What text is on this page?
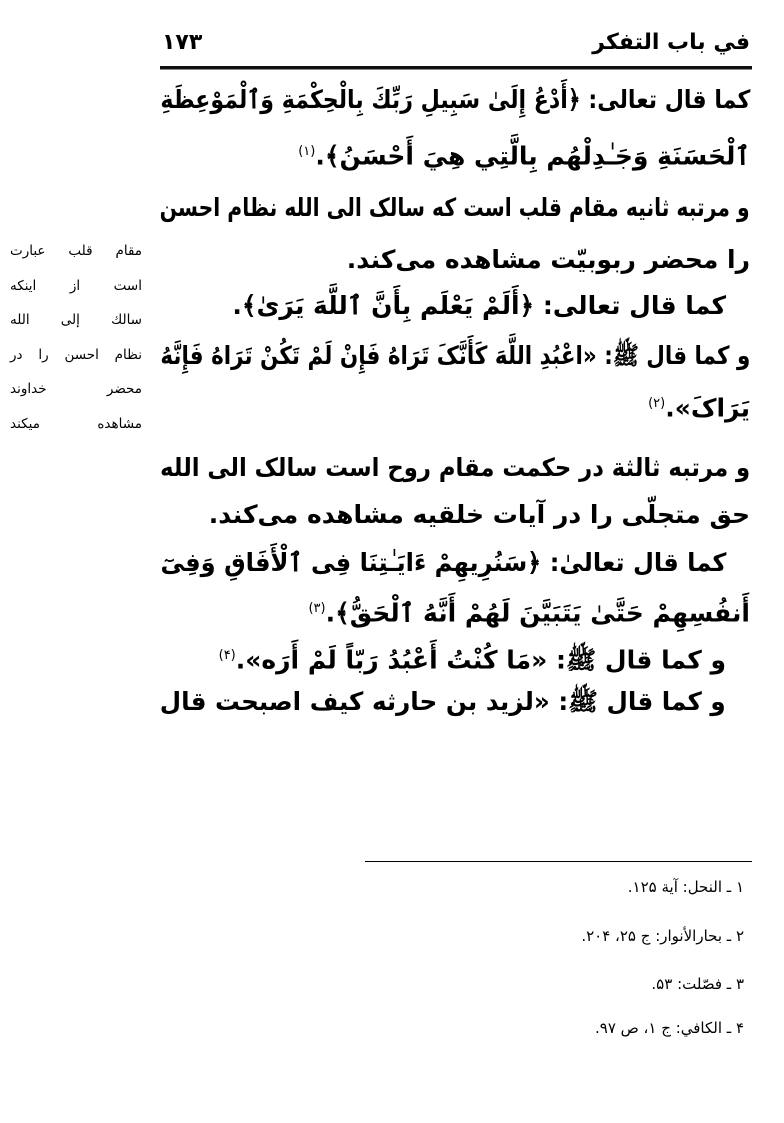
في باب التفكر
۱۷۳
کما قال تعالی: ﴿أَدْعُ إِلَىٰ سَبِيلِ رَبِّكَ بِالْحِكْمَةِ وَٱلْمَوْعِظَةِ
ٱلْحَسَنَةِ وَجَـٰدِلْهُم بِالَّتِي هِيَ أَحْسَنُ﴾.$^{(۱)}$
و مرتبه ثانیه مقام قلب است که سالک الی الله نظام احسن
را محضر ربوبیّت مشاهده می‌کند.
کما قال تعالی: ﴿أَلَمْ يَعْلَم بِأَنَّ ٱللَّهَ يَرَىٰ﴾.
و کما قال ﷺ: «اعْبُدِ اللَّهَ کَأَنَّکَ تَرَاهُ فَإِنْ لَمْ تَکُنْ تَرَاهُ فَإِنَّهُ
يَرَاکَ».$^{(۲)}$
و مرتبه ثالثة در حکمت مقام روح است سالک الی الله
حق متجلّی را در آیات خلقیه مشاهده می‌کند.
کما قال تعالیٰ: ﴿سَنُرِيهِمْ ءَايَـٰتِنَا فِى ٱلْأَفَاقِ وَفِىٓ
أَنفُسِهِمْ حَتَّىٰ يَتَبَيَّنَ لَهُمْ أَنَّهُ ٱلْحَقُّ﴾.$^{(۳)}$
و کما قال ﷺ: «مَا کُنْتُ أَعْبُدُ رَبّاً لَمْ أَرَه».$^{(۴)}$
و کما قال ﷺ: «لزید بن حارثه کیف اصبحت قال
مقام قلب عبارت
است از اینکه
سالك إلى الله
نظام احسن را در
محضر خداوند
مشاهده میکند
۱ ـ النحل: آية ۱۲۵.
۲ ـ بحارالأنوار: ج ۲۵، ۲۰۴.
۳ ـ فصّلت: ۵۳.
۴ ـ الكافي: ج ۱، ص ۹۷.
